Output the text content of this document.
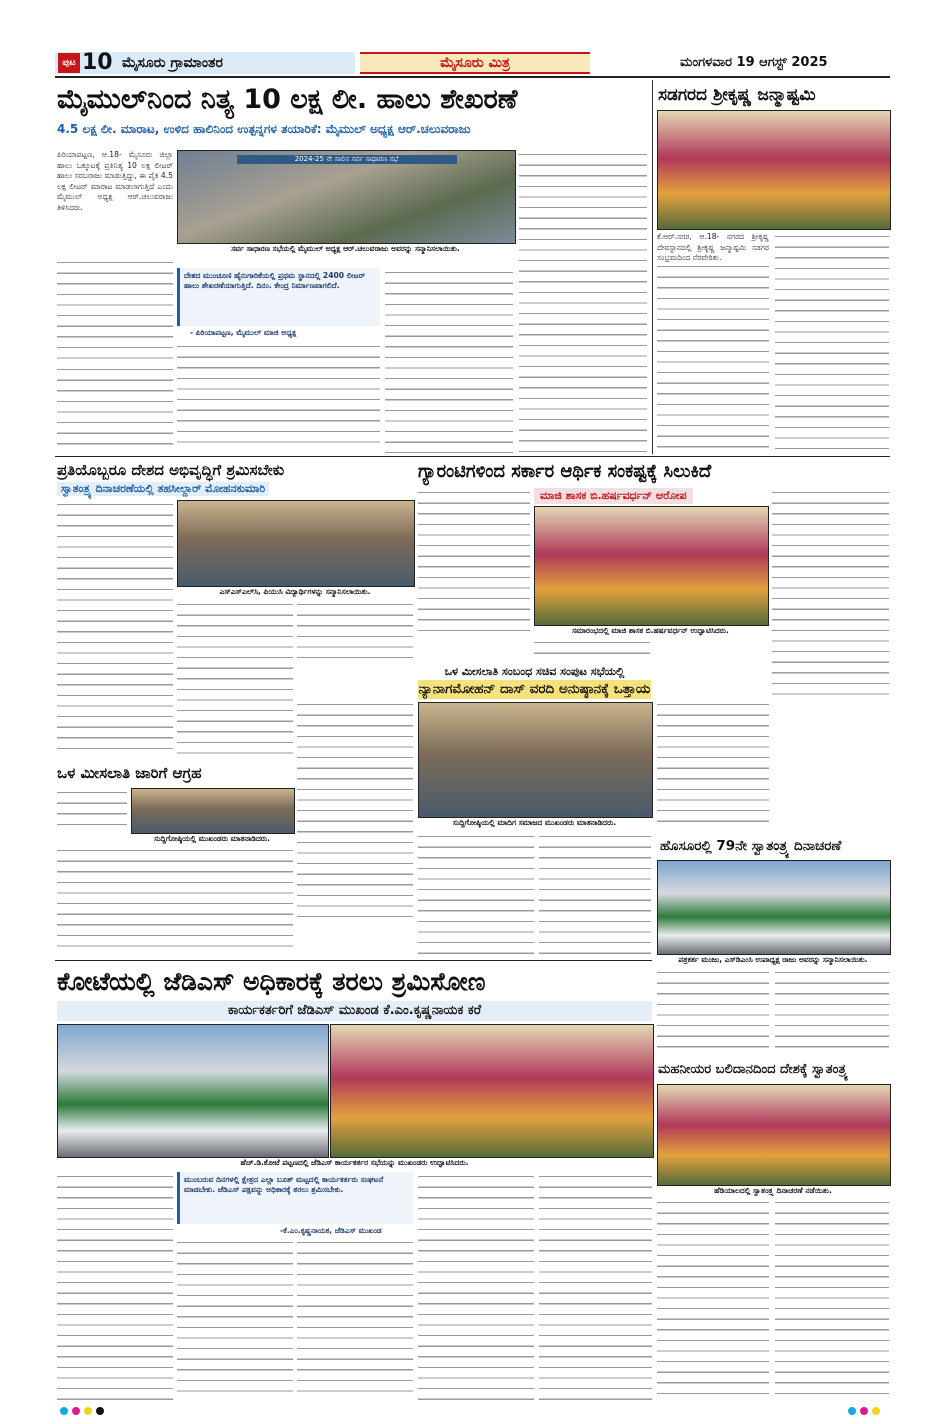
ಪುಟ 10 ಮೈಸೂರು ಗ್ರಾಮಾಂತರ	ಮೈಸೂರು ಮಿತ್ರ	ಮಂಗಳವಾರ 19 ಆಗಸ್ಟ್ 2025
ಮೈಮುಲ್‌ನಿಂದ ನಿತ್ಯ 10 ಲಕ್ಷ ಲೀ. ಹಾಲು ಶೇಖರಣೆ
4.5 ಲಕ್ಷ ಲೀ. ಮಾರಾಟ, ಉಳಿದ ಹಾಲಿನಿಂದ ಉತ್ಪನ್ನಗಳ ತಯಾರಿಕೆ: ಮೈಮುಲ್ ಅಧ್ಯಕ್ಷ ಆರ್.ಚಲುವರಾಜು
2024-25 ನೇ ಸಾಲಿನ ಸರ್ವ ಸಾಧಾರಣ ಸಭೆ
ಸರ್ವ ಸಾಧಾರಣ ಸಭೆಯಲ್ಲಿ ಮೈಮುಲ್ ಅಧ್ಯಕ್ಷ ಆರ್.ಚಲುವರಾಜು ಅವರನ್ನು ಸನ್ಮಾನಿಸಲಾಯಿತು.
ಪಿರಿಯಾಪಟ್ಟಣ, ಆ.18- ಮೈಸೂರು ಜಿಲ್ಲಾ ಹಾಲು ಒಕ್ಕೂಟಕ್ಕೆ ಪ್ರತಿನಿತ್ಯ 10 ಲಕ್ಷ ಲೀಟರ್ ಹಾಲು ಸರಬರಾಜು ಮಾಡುತ್ತಿದ್ದು, ಈ ಪೈಕಿ 4.5 ಲಕ್ಷ ಲೀಟರ್ ಮಾರಾಟ ಮಾಡಲಾಗುತ್ತಿದೆ ಎಂದು ಮೈಮುಲ್ ಅಧ್ಯಕ್ಷ ಆರ್.ಚಲುವರಾಜು ತಿಳಿಸಿದರು.
ದೇಶದ ಮುಂಚೂಣಿ ಹೈನುಗಾರಿಕೆಯಲ್ಲಿ ಪ್ರಥಮ ಸ್ಥಾನದಲ್ಲಿ 2400 ಲೀಟರ್ ಹಾಲು ಶೇಖರಣೆಯಾಗುತ್ತಿದೆ. ದಿನಂ. ಕೇಂದ್ರ ನಿರ್ಮಾಣವಾಗಲಿದೆ.
- ಪಿರಿಯಾಪಟ್ಟಣ, ಮೈಮುಲ್ ಮಾಜಿ ಅಧ್ಯಕ್ಷ
ಸಡಗರದ ಶ್ರೀಕೃಷ್ಣ ಜನ್ಮಾಷ್ಟಮಿ
ಕೆ.ಆರ್.ನಗರ, ಆ.18- ನಗರದ ಶ್ರೀಕೃಷ್ಣ ದೇವಸ್ಥಾನದಲ್ಲಿ ಶ್ರೀಕೃಷ್ಣ ಜನ್ಮಾಷ್ಟಮಿ ಸಡಗರ ಸಂಭ್ರಮದಿಂದ ನೆರವೇರಿತು.
ಪ್ರತಿಯೊಬ್ಬರೂ ದೇಶದ ಅಭಿವೃದ್ಧಿಗೆ ಶ್ರಮಿಸಬೇಕು
ಸ್ವಾತಂತ್ರ್ಯ ದಿನಾಚರಣೆಯಲ್ಲಿ ತಹಸೀಲ್ದಾರ್ ಮೋಹನಕುಮಾರಿ
ಎಸ್‌ಎಸ್‌ಎಲ್‌ಸಿ, ಪಿಯುಸಿ ವಿದ್ಯಾರ್ಥಿಗಳನ್ನು ಸನ್ಮಾನಿಸಲಾಯಿತು.
ಗ್ಯಾರಂಟಿಗಳಿಂದ ಸರ್ಕಾರ ಆರ್ಥಿಕ ಸಂಕಷ್ಟಕ್ಕೆ ಸಿಲುಕಿದೆ
ಮಾಜಿ ಶಾಸಕ ಬಿ.ಹರ್ಷವರ್ಧನ್ ಆರೋಪ
ಸಮಾರಂಭದಲ್ಲಿ ಮಾಜಿ ಶಾಸಕ ಬಿ.ಹರ್ಷವರ್ಧನ್ ಉದ್ಘಾಟಿಸಿದರು.
ಒಳ ಮೀಸಲಾತಿ ಸಂಬಂಧ ಸಚಿವ ಸಂಪುಟ ಸಭೆಯಲ್ಲಿ
ನ್ಯಾನಾಗಮೋಹನ್ ದಾಸ್ ವರದಿ ಅನುಷ್ಠಾನಕ್ಕೆ ಒತ್ತಾಯ
ಸುದ್ದಿಗೋಷ್ಠಿಯಲ್ಲಿ ಮಾದಿಗ ಸಮಾಜದ ಮುಖಂಡರು ಮಾತನಾಡಿದರು.
ಒಳ ಮೀಸಲಾತಿ ಜಾರಿಗೆ ಆಗ್ರಹ
ಸುದ್ದಿಗೋಷ್ಠಿಯಲ್ಲಿ ಮುಖಂಡರು ಮಾತನಾಡಿದರು.	ಹೊಸೂರಲ್ಲಿ 79ನೇ ಸ್ವಾತಂತ್ರ್ಯ ದಿನಾಚರಣೆ
ಪತ್ರಕರ್ತ ಮಂಜು, ಎಸ್‌ಡಿಎಂಸಿ ಉಪಾಧ್ಯಕ್ಷ ರಾಜು ಅವರನ್ನು ಸನ್ಮಾನಿಸಲಾಯಿತು.
ಕೋಟೆಯಲ್ಲಿ ಜೆಡಿಎಸ್ ಅಧಿಕಾರಕ್ಕೆ ತರಲು ಶ್ರಮಿಸೋಣ
ಕಾರ್ಯಕರ್ತರಿಗೆ ಜೆಡಿಎಸ್ ಮುಖಂಡ ಕೆ.ಎಂ.ಕೃಷ್ಣನಾಯಕ ಕರೆ
ಹೆಚ್.ಡಿ.ಕೋಟೆ ಪಟ್ಟಣದಲ್ಲಿ ಜೆಡಿಎಸ್ ಕಾರ್ಯಕರ್ತರ ಸಭೆಯನ್ನು ಮುಖಂಡರು ಉದ್ಘಾಟಿಸಿದರು.
ಮುಂಬರುವ ದಿನಗಳಲ್ಲಿ ಕ್ಷೇತ್ರದ ಎಲ್ಲಾ ಬೂತ್ ಮಟ್ಟದಲ್ಲಿ ಕಾರ್ಯಕರ್ತರು ಸಂಘಟನೆ ಮಾಡಬೇಕು. ಜೆಡಿಎಸ್ ಪಕ್ಷವನ್ನು ಅಧಿಕಾರಕ್ಕೆ ತರಲು ಶ್ರಮಿಸಬೇಕು.
-ಕೆ.ಎಂ.ಕೃಷ್ಣನಾಯಕ, ಜೆಡಿಎಸ್ ಮುಖಂಡ
ಮಹನೀಯರ ಬಲಿದಾನದಿಂದ ದೇಶಕ್ಕೆ ಸ್ವಾತಂತ್ರ್ಯ
ಹೆಡಿಯಾಲದಲ್ಲಿ ಸ್ವಾತಂತ್ರ್ಯ ದಿನಾಚರಣೆ ನಡೆಯಿತು.
